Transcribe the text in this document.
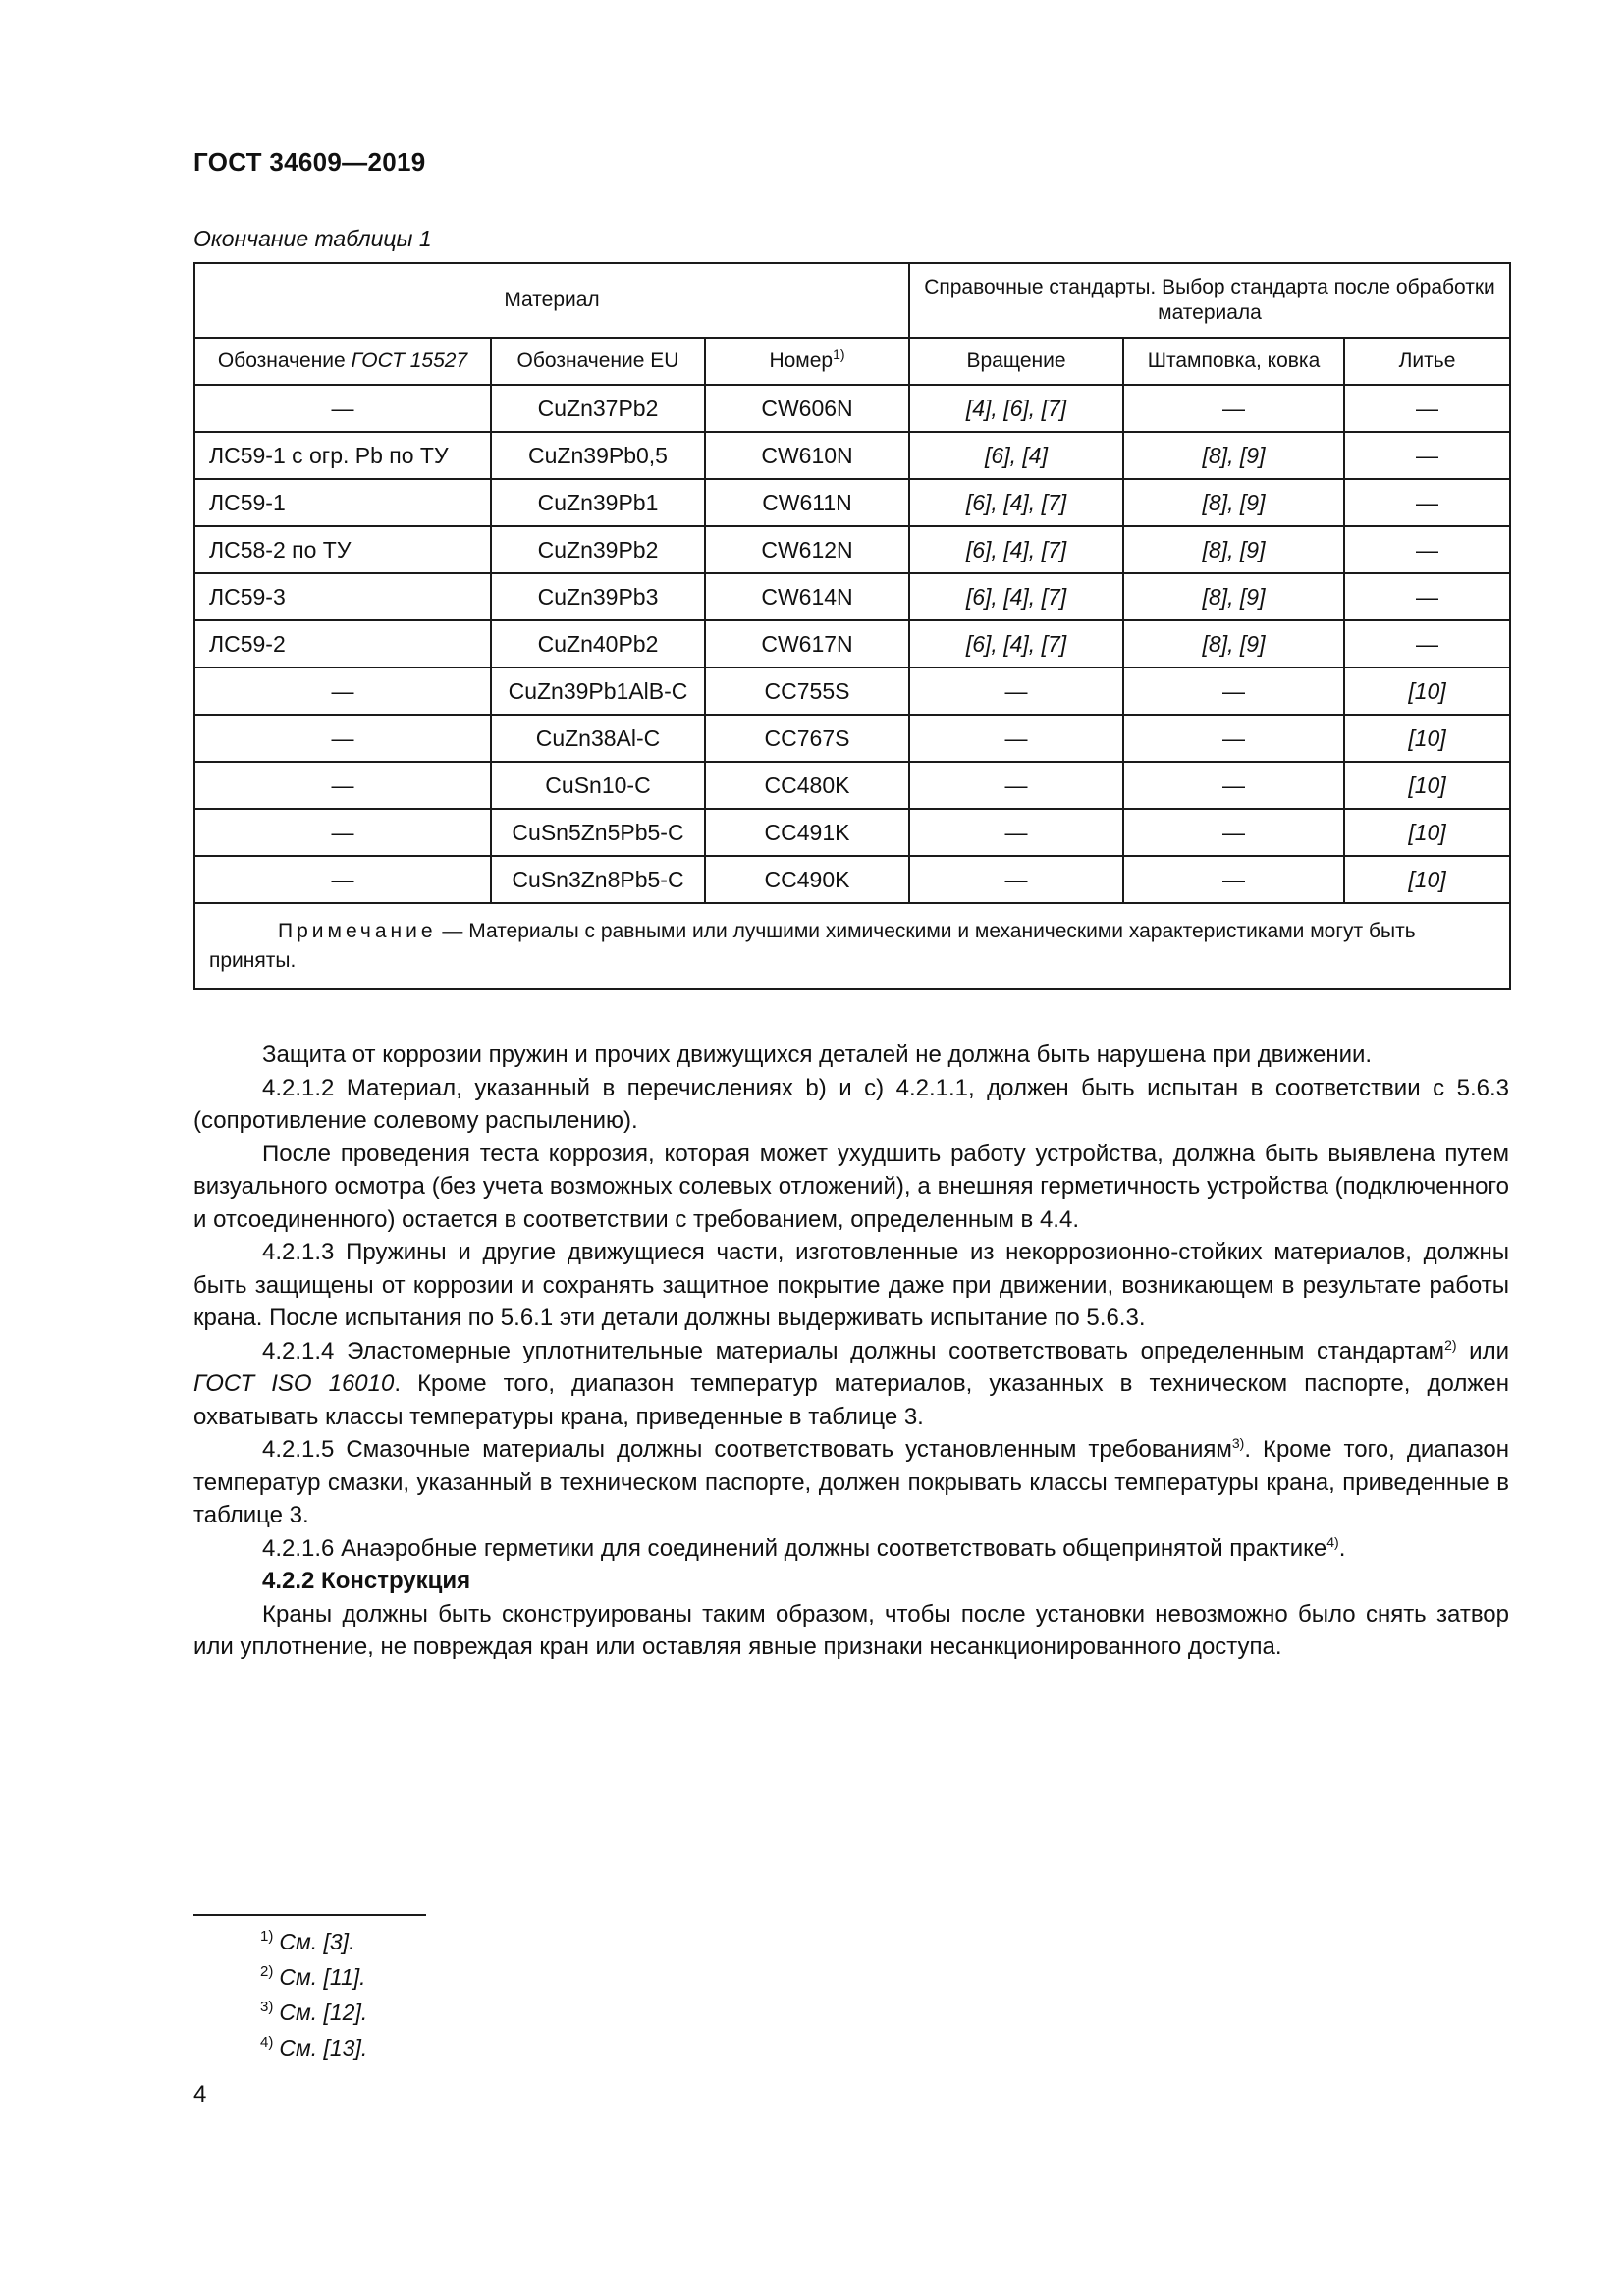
ГОСТ 34609—2019
Окончание таблицы 1
Материал			Справочные стандарты. Выбор стандарта после обработки материала		
Обозначение ГОСТ 15527	Обозначение EU	Номер$^{1)}$	Вращение	Штамповка, ковка	Литье
—	CuZn37Pb2	CW606N	[4], [6], [7]	—	—
ЛС59-1 с огр. Pb по ТУ	CuZn39Pb0,5	CW610N	[6], [4]	[8], [9]	—
ЛС59-1	CuZn39Pb1	CW611N	[6], [4], [7]	[8], [9]	—
ЛС58-2 по ТУ	CuZn39Pb2	CW612N	[6], [4], [7]	[8], [9]	—
ЛС59-3	CuZn39Pb3	CW614N	[6], [4], [7]	[8], [9]	—
ЛС59-2	CuZn40Pb2	CW617N	[6], [4], [7]	[8], [9]	—
—	CuZn39Pb1AlB-C	CC755S	—	—	[10]
—	CuZn38Al-C	CC767S	—	—	[10]
—	CuSn10-C	CC480K	—	—	[10]
—	CuSn5Zn5Pb5-C	CC491K	—	—	[10]
—	CuSn3Zn8Pb5-C	CC490K	—	—	[10]
Примечание — Материалы с равными или лучшими химическими и механическими характеристиками могут быть приняты.					

Защита от коррозии пружин и прочих движущихся деталей не должна быть нарушена при движении.

4.2.1.2 Материал, указанный в перечислениях b) и c) 4.2.1.1, должен быть испытан в соответствии с 5.6.3 (сопротивление солевому распылению).

После проведения теста коррозия, которая может ухудшить работу устройства, должна быть выявлена путем визуального осмотра (без учета возможных солевых отложений), а внешняя герметичность устройства (подключенного и отсоединенного) остается в соответствии с требованием, определенным в 4.4.

4.2.1.3 Пружины и другие движущиеся части, изготовленные из некоррозионно-стойких материалов, должны быть защищены от коррозии и сохранять защитное покрытие даже при движении, возникающем в результате работы крана. После испытания по 5.6.1 эти детали должны выдерживать испытание по 5.6.3.

4.2.1.4 Эластомерные уплотнительные материалы должны соответствовать определенным стандартам$^{2)}$ или ГОСТ ISO 16010. Кроме того, диапазон температур материалов, указанных в техническом паспорте, должен охватывать классы температуры крана, приведенные в таблице 3.

4.2.1.5 Смазочные материалы должны соответствовать установленным требованиям$^{3)}$. Кроме того, диапазон температур смазки, указанный в техническом паспорте, должен покрывать классы температуры крана, приведенные в таблице 3.

4.2.1.6 Анаэробные герметики для соединений должны соответствовать общепринятой практике$^{4)}$.

4.2.2 Конструкция

Краны должны быть сконструированы таким образом, чтобы после установки невозможно было снять затвор или уплотнение, не повреждая кран или оставляя явные признаки несанкционированного доступа.

$^{1)}$ См. [3].
$^{2)}$ См. [11].
$^{3)}$ См. [12].
$^{4)}$ См. [13].
4
